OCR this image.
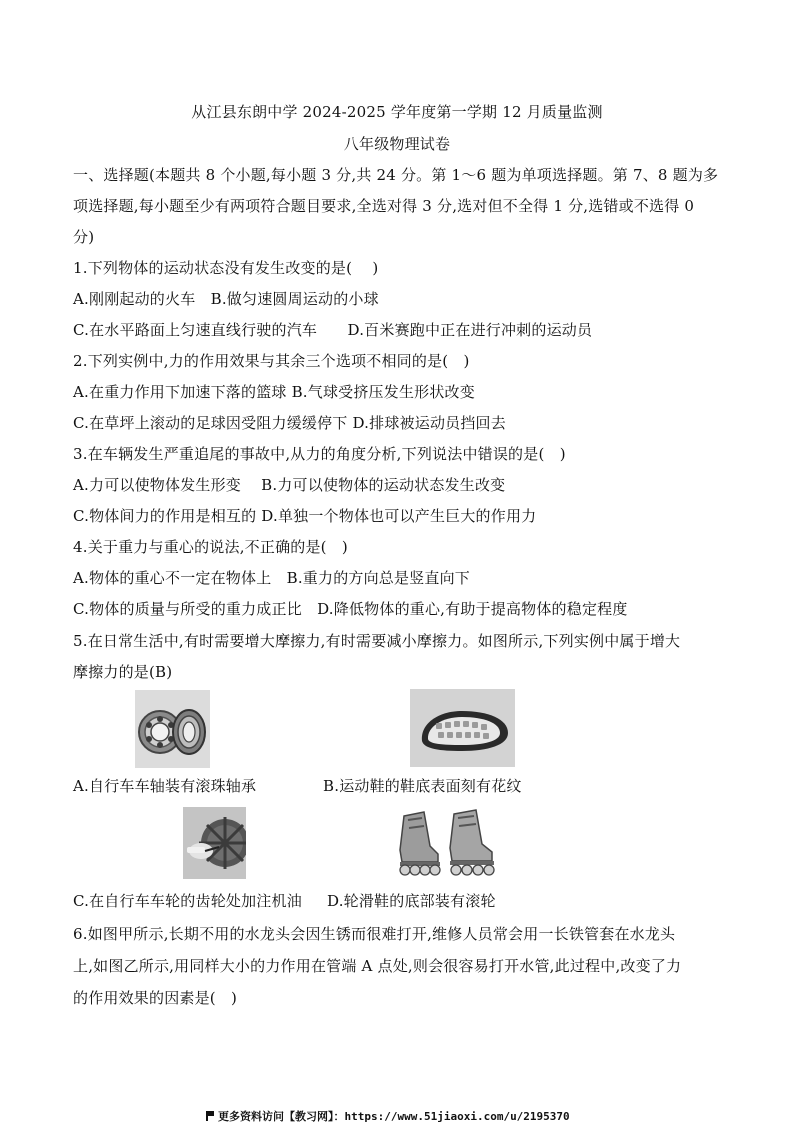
从江县东朗中学 2024-2025 学年度第一学期 12 月质量监测
八年级物理试卷
一、选择题(本题共 8 个小题,每小题 3 分,共 24 分。第 1～6 题为单项选择题。第 7、8 题为多
项选择题,每小题至少有两项符合题目要求,全选对得 3 分,选对但不全得 1 分,选错或不选得 0
分)
1.下列物体的运动状态没有发生改变的是(　 )
A.刚刚起动的火车　B.做匀速圆周运动的小球
C.在水平路面上匀速直线行驶的汽车　　D.百米赛跑中正在进行冲刺的运动员
2.下列实例中,力的作用效果与其余三个选项不相同的是(　)
A.在重力作用下加速下落的篮球 B.气球受挤压发生形状改变
C.在草坪上滚动的足球因受阻力缓缓停下 D.排球被运动员挡回去
3.在车辆发生严重追尾的事故中,从力的角度分析,下列说法中错误的是(　)
A.力可以使物体发生形变　 B.力可以使物体的运动状态发生改变
C.物体间力的作用是相互的 D.单独一个物体也可以产生巨大的作用力
4.关于重力与重心的说法,不正确的是(　)
A.物体的重心不一定在物体上　B.重力的方向总是竖直向下
C.物体的质量与所受的重力成正比　D.降低物体的重心,有助于提高物体的稳定程度
5.在日常生活中,有时需要增大摩擦力,有时需要减小摩擦力。如图所示,下列实例中属于增大
摩擦力的是(B)
A.自行车车轴装有滚珠轴承	B.运动鞋的鞋底表面刻有花纹
C.在自行车车轮的齿轮处加注机油 D.轮滑鞋的底部装有滚轮
6.如图甲所示,长期不用的水龙头会因生锈而很难打开,维修人员常会用一长铁管套在水龙头
上,如图乙所示,用同样大小的力作用在管端 A 点处,则会很容易打开水管,此过程中,改变了力
的作用效果的因素是(　)
更多资料访问【教习网】：https://www.51jiaoxi.com/u/2195370
